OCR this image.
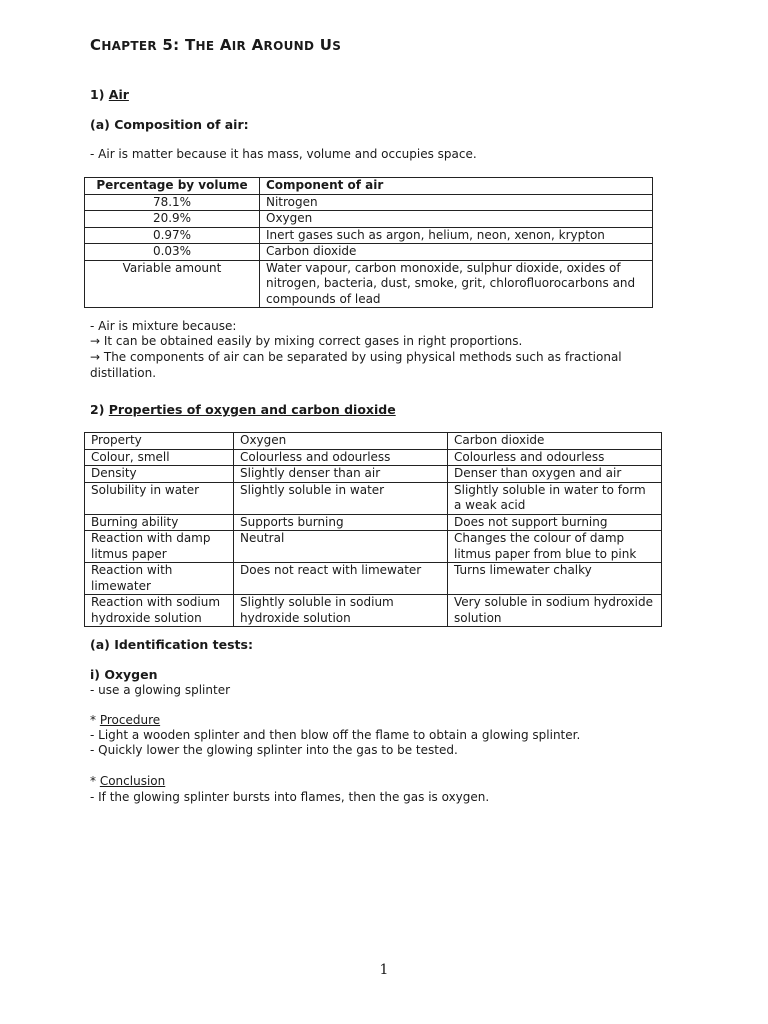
CHAPTER 5: THE AIR AROUND US
1) Air
(a) Composition of air:
- Air is matter because it has mass, volume and occupies space.
Percentage by volume	Component of air
78.1%	Nitrogen
20.9%	Oxygen
0.97%	Inert gases such as argon, helium, neon, xenon, krypton
0.03%	Carbon dioxide
Variable amount	Water vapour, carbon monoxide, sulphur dioxide, oxides of nitrogen, bacteria, dust, smoke, grit, chlorofluorocarbons and compounds of lead
- Air is mixture because:
→ It can be obtained easily by mixing correct gases in right proportions.
→ The components of air can be separated by using physical methods such as fractional
distillation.
2) Properties of oxygen and carbon dioxide
Property	Oxygen	Carbon dioxide
Colour, smell	Colourless and odourless	Colourless and odourless
Density	Slightly denser than air	Denser than oxygen and air
Solubility in water	Slightly soluble in water	Slightly soluble in water to form a weak acid
Burning ability	Supports burning	Does not support burning
Reaction with damp litmus paper	Neutral	Changes the colour of damp litmus paper from blue to pink
Reaction with limewater	Does not react with limewater	Turns limewater chalky
Reaction with sodium hydroxide solution	Slightly soluble in sodium hydroxide solution	Very soluble in sodium hydroxide solution
(a) Identification tests:
i) Oxygen
- use a glowing splinter
* Procedure
- Light a wooden splinter and then blow off the flame to obtain a glowing splinter.
- Quickly lower the glowing splinter into the gas to be tested.
* Conclusion
- If the glowing splinter bursts into flames, then the gas is oxygen.
1
